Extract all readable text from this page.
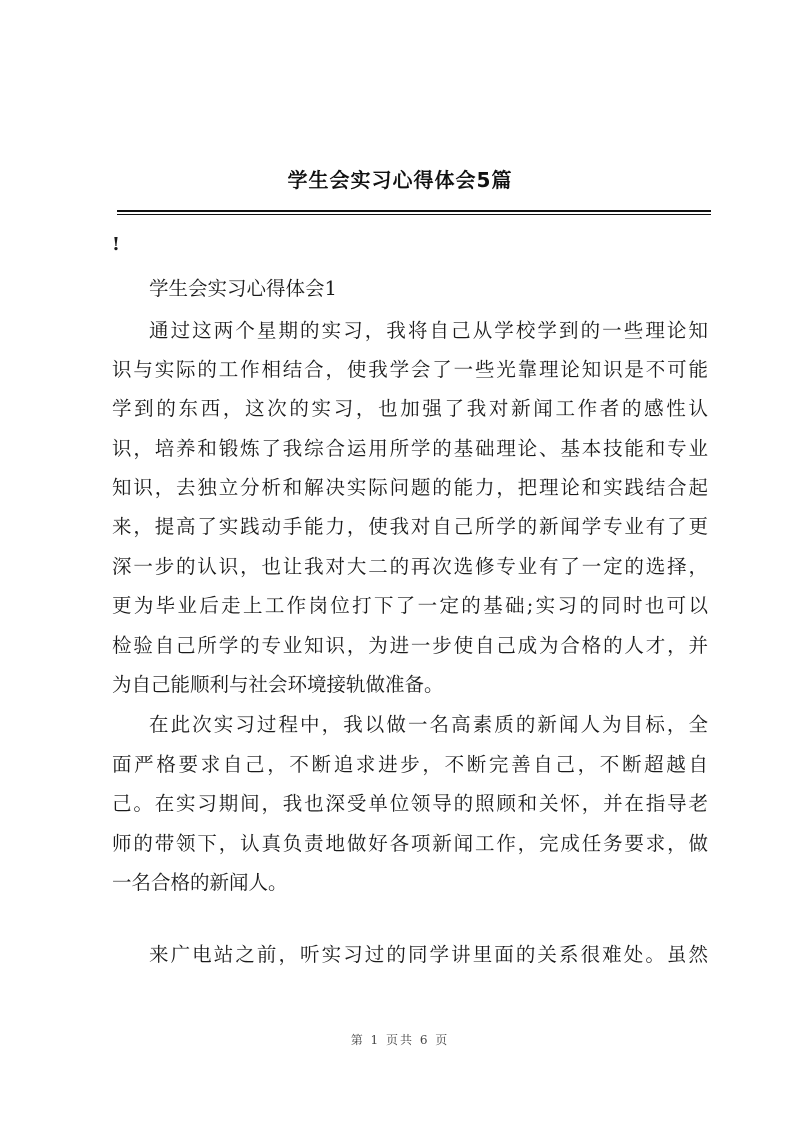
学生会实习心得体会5篇
!
学生会实习心得体会1
通过这两个星期的实习，我将自己从学校学到的一些理论知
识与实际的工作相结合，使我学会了一些光靠理论知识是不可能
学到的东西，这次的实习，也加强了我对新闻工作者的感性认
识，培养和锻炼了我综合运用所学的基础理论、基本技能和专业
知识，去独立分析和解决实际问题的能力，把理论和实践结合起
来，提高了实践动手能力，使我对自己所学的新闻学专业有了更
深一步的认识，也让我对大二的再次选修专业有了一定的选择，
更为毕业后走上工作岗位打下了一定的基础;实习的同时也可以
检验自己所学的专业知识，为进一步使自己成为合格的人才，并
为自己能顺利与社会环境接轨做准备。
在此次实习过程中，我以做一名高素质的新闻人为目标，全
面严格要求自己，不断追求进步，不断完善自己，不断超越自
己。在实习期间，我也深受单位领导的照顾和关怀，并在指导老
师的带领下，认真负责地做好各项新闻工作，完成任务要求，做
一名合格的新闻人。
来广电站之前，听实习过的同学讲里面的关系很难处。虽然
第 1 页共 6 页
